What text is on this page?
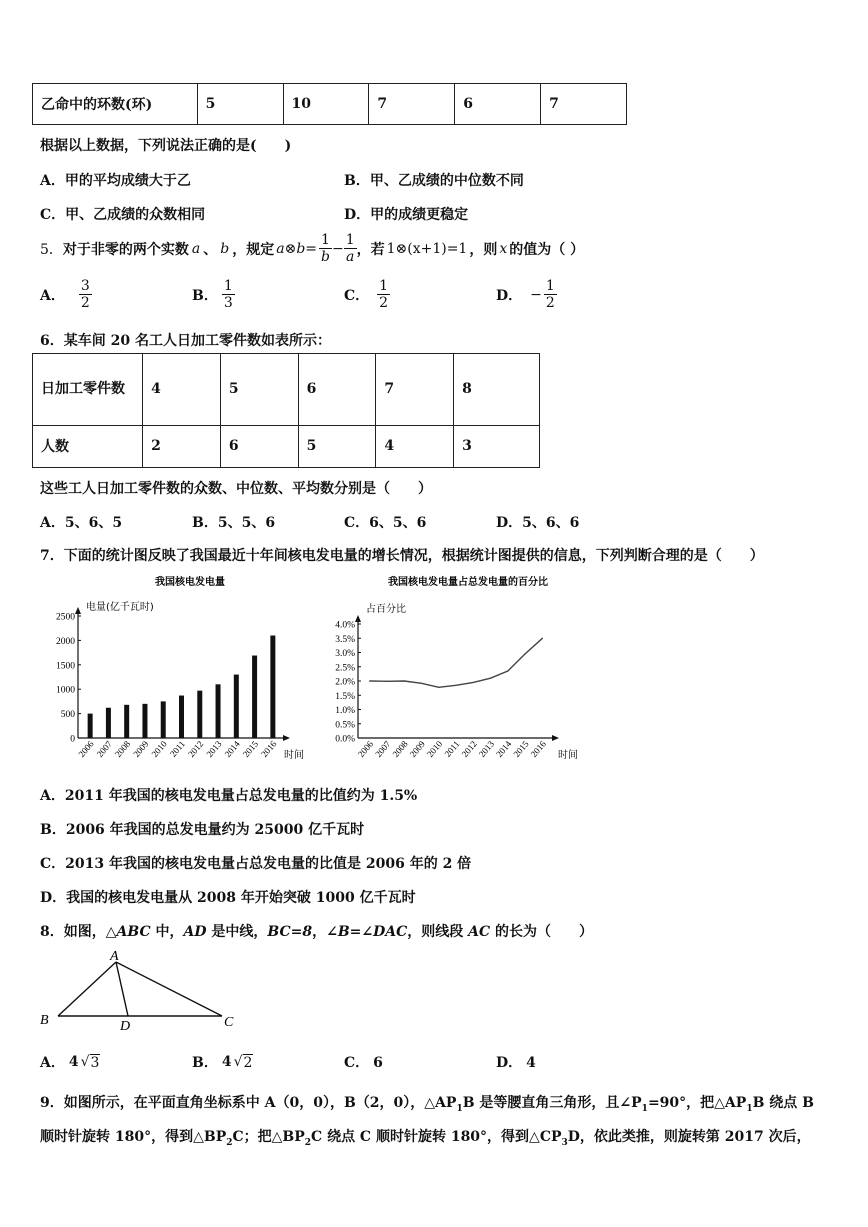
乙命中的环数(环)	5	10	7	6	7
根据以上数据，下列说法正确的是(　　)
A．甲的平均成绩大于乙	B．甲、乙成绩的中位数不同
C．甲、乙成绩的众数相同	D．甲的成绩更稳定
5． 对于非零的两个实数 a 、 b ，规定 a⊗b= $\frac{1}{b} - \frac{1}{a}$ ，若 1⊗(x+1)=1 ，则 x 的值为（ ）
A． $\frac{3}{2}$	B． $\frac{1}{3}$	C． $\frac{1}{2}$	D． − $\frac{1}{2}$
6．某车间 20 名工人日加工零件数如表所示：
日加工零件数	4	5	6	7	8
人数	2	6	5	4	3
这些工人日加工零件数的众数、中位数、平均数分别是（　　）
A．5、6、5	B．5、5、6	C．6、5、6	D．5、6、6
7．下面的统计图反映了我国最近十年间核电发电量的增长情况，根据统计图提供的信息，下列判断合理的是（　　）
我国核电发电量
电量(亿千瓦时)
时间
0
500
1000
1500
2000
2500
2006 2007 2008 2009 2010 2011 2012 2013 2014 2015 2016
我国核电发电量占总发电量的百分比
占百分比
时间
0.0%
0.5%
1.0%
1.5%
2.0%
2.5%
3.0%
3.5%
4.0%
2006
2007
2008
2009
2010
2011
2012
2013
2014
2015
2016
A．2011 年我国的核电发电量占总发电量的比值约为 1.5%
B．2006 年我国的总发电量约为 25000 亿千瓦时
C．2013 年我国的核电发电量占总发电量的比值是 2006 年的 2 倍
D．我国的核电发电量从 2008 年开始突破 1000 亿千瓦时
8．如图，△ABC 中，AD 是中线，BC=8，∠B=∠DAC，则线段 AC 的长为（　　）
A
B	D	C
A． 4 √ 3	B． 4 √ 2	C． 6	D． 4
9．如图所示，在平面直角坐标系中 A（0，0），B（2，0），$\triangle AP_1B$ 是等腰直角三角形，且$\angle P_1=90^\circ$，把$\triangle AP_1B$ 绕点 B
顺时针旋转 180°，得到$\triangle BP_2C$；把$\triangle BP_2C$ 绕点 C 顺时针旋转 180°，得到$\triangle CP_3D$，依此类推，则旋转第 2017 次后，
